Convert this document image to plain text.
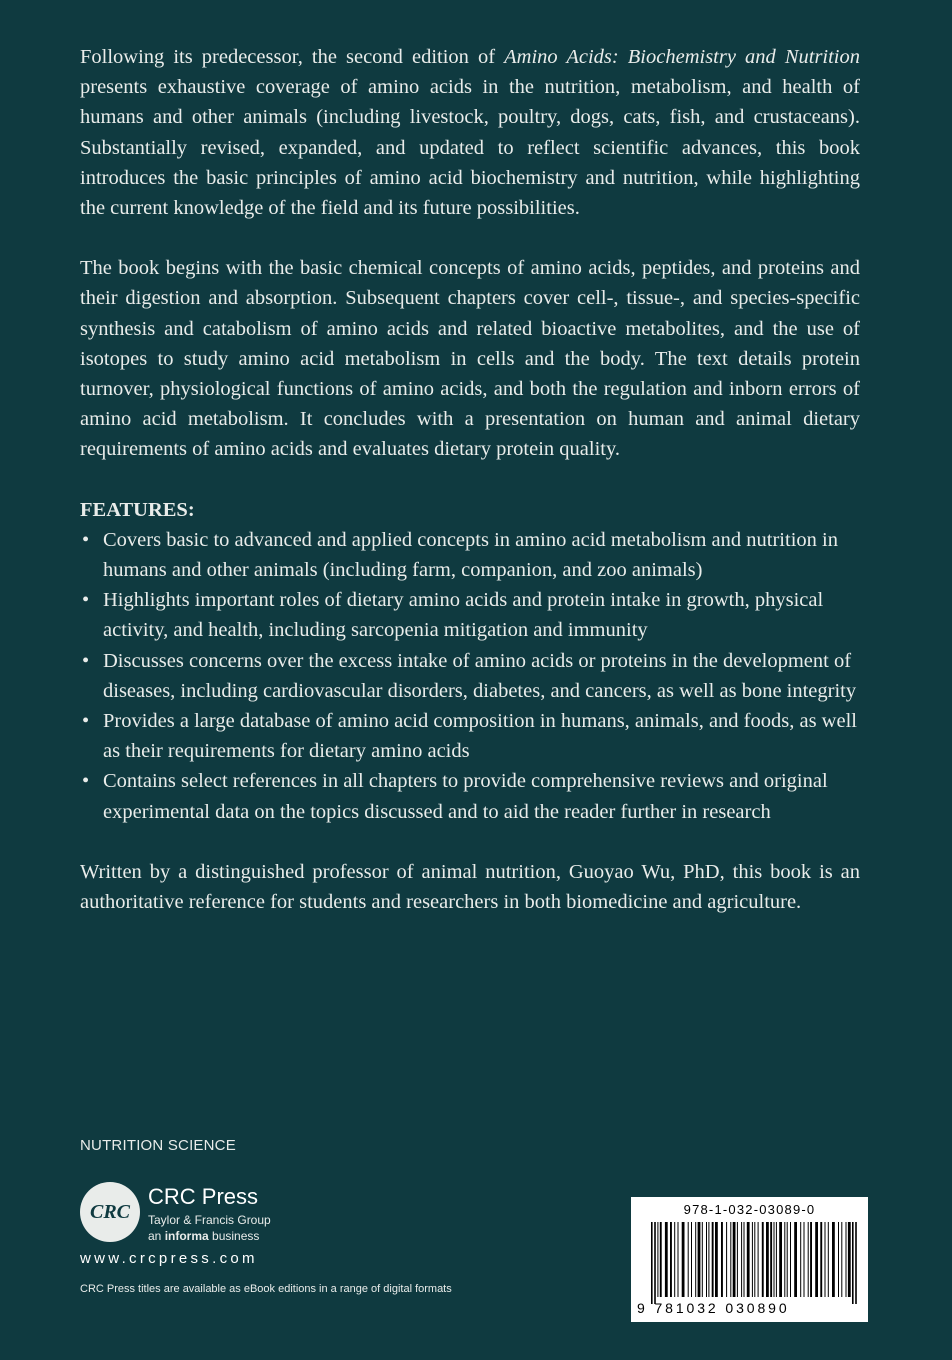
Following its predecessor, the second edition of Amino Acids: Biochemistry and Nutrition presents exhaustive coverage of amino acids in the nutrition, metabolism, and health of humans and other animals (including livestock, poultry, dogs, cats, fish, and crustaceans). Substantially revised, expanded, and updated to reflect scientific advances, this book introduces the basic principles of amino acid biochemistry and nutrition, while highlighting the current knowledge of the field and its future possibilities.

The book begins with the basic chemical concepts of amino acids, peptides, and proteins and their digestion and absorption. Subsequent chapters cover cell-, tissue-, and species-specific synthesis and catabolism of amino acids and related bioactive metabolites, and the use of isotopes to study amino acid metabolism in cells and the body. The text details protein turnover, physiological functions of amino acids, and both the regulation and inborn errors of amino acid metabolism. It concludes with a presentation on human and animal dietary requirements of amino acids and evaluates dietary protein quality.

FEATURES:

• Covers basic to advanced and applied concepts in amino acid metabolism and nutrition in humans and other animals (including farm, companion, and zoo animals)
• Highlights important roles of dietary amino acids and protein intake in growth, physical activity, and health, including sarcopenia mitigation and immunity
• Discusses concerns over the excess intake of amino acids or proteins in the development of diseases, including cardiovascular disorders, diabetes, and cancers, as well as bone integrity
• Provides a large database of amino acid composition in humans, animals, and foods, as well as their requirements for dietary amino acids
• Contains select references in all chapters to provide comprehensive reviews and original experimental data on the topics discussed and to aid the reader further in research

Written by a distinguished professor of animal nutrition, Guoyao Wu, PhD, this book is an authoritative reference for students and researchers in both biomedicine and agriculture.

NUTRITION SCIENCE
CRC
CRC Press
Taylor & Francis Group
an informa business
www.crcpress.com
CRC Press titles are available as eBook editions in a range of digital formats
978-1-032-03089-0
9 781032 030890
